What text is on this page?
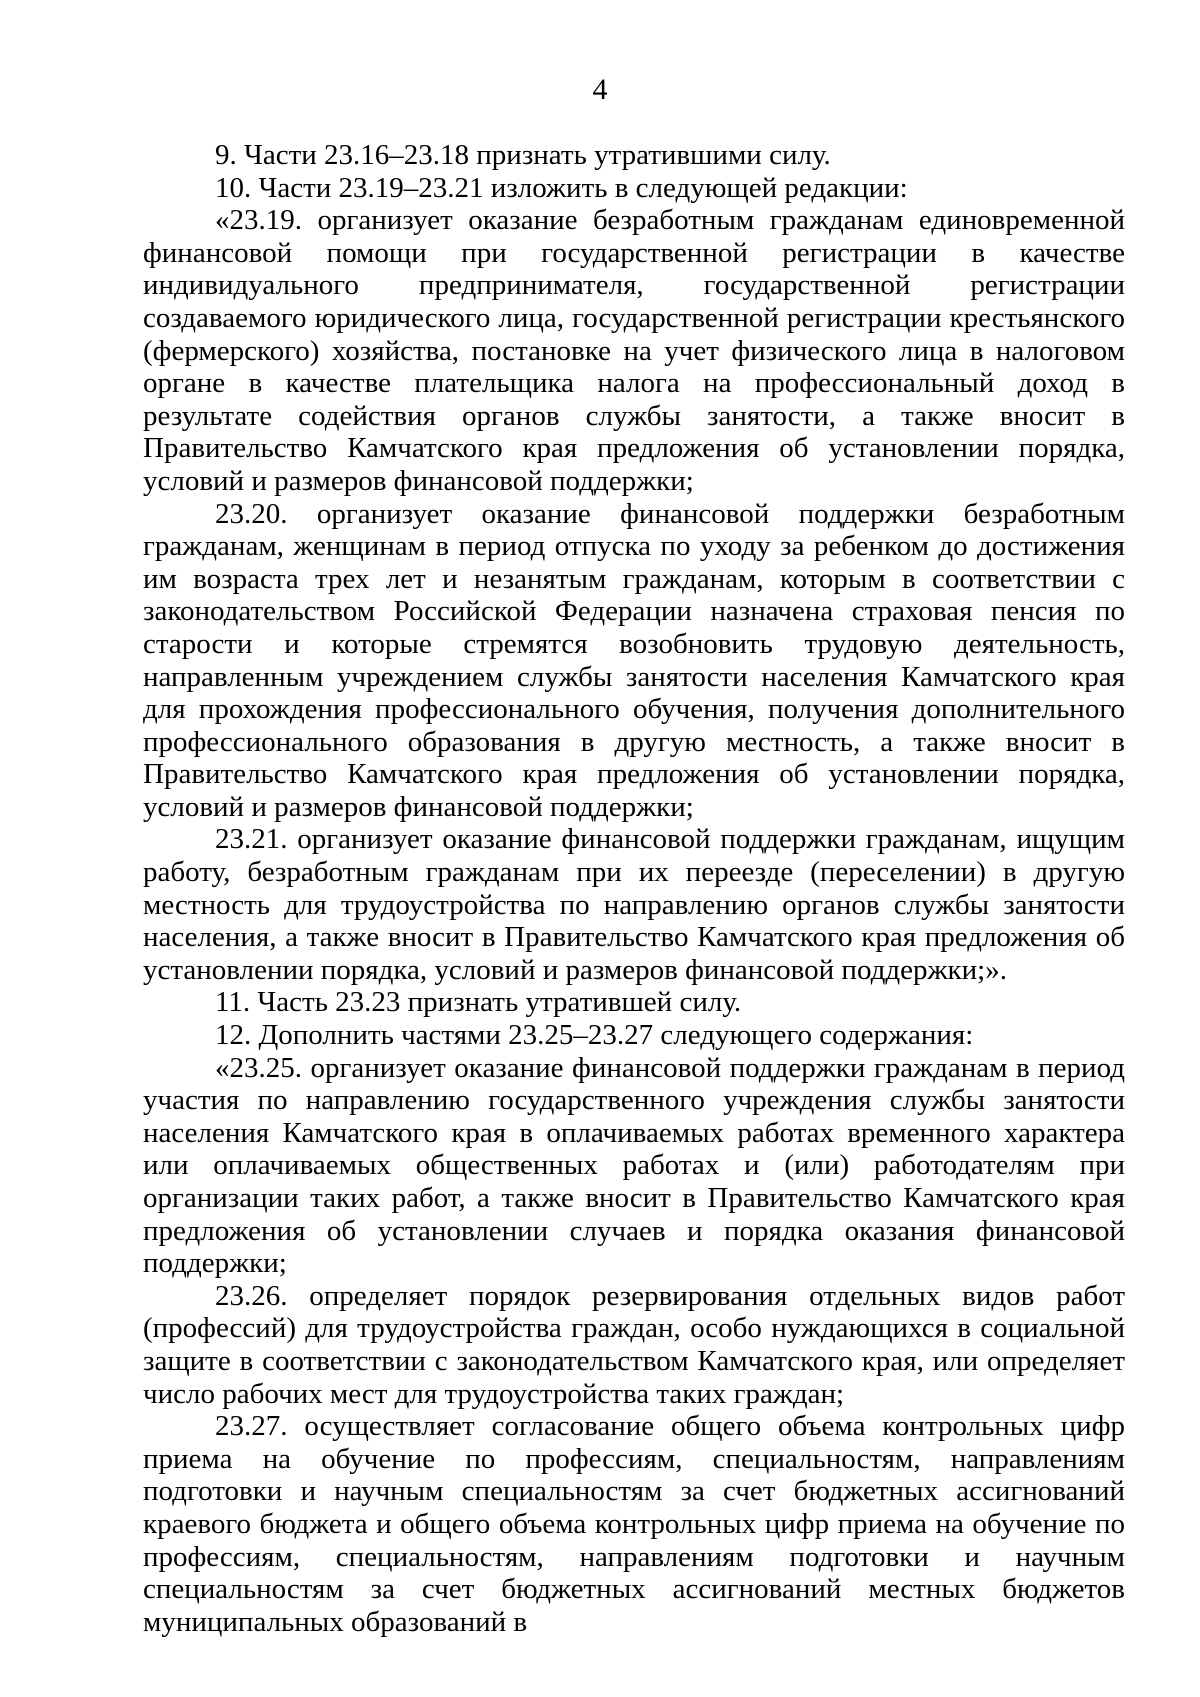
4

9. Части 23.16–23.18 признать утратившими силу.

10. Части 23.19–23.21 изложить в следующей редакции:

«23.19. организует оказание безработным гражданам единовременной финансовой помощи при государственной регистрации в качестве индивидуального предпринимателя, государственной регистрации создаваемого юридического лица, государственной регистрации крестьянского (фермерского) хозяйства, постановке на учет физического лица в налоговом органе в качестве плательщика налога на профессиональный доход в результате содействия органов службы занятости, а также вносит в Правительство Камчатского края предложения об установлении порядка, условий и размеров финансовой поддержки;

23.20. организует оказание финансовой поддержки безработным гражданам, женщинам в период отпуска по уходу за ребенком до достижения им возраста трех лет и незанятым гражданам, которым в соответствии с законодательством Российской Федерации назначена страховая пенсия по старости и которые стремятся возобновить трудовую деятельность, направленным учреждением службы занятости населения Камчатского края для прохождения профессионального обучения, получения дополнительного профессионального образования в другую местность, а также вносит в Правительство Камчатского края предложения об установлении порядка, условий и размеров финансовой поддержки;

23.21. организует оказание финансовой поддержки гражданам, ищущим работу, безработным гражданам при их переезде (переселении) в другую местность для трудоустройства по направлению органов службы занятости населения, а также вносит в Правительство Камчатского края предложения об установлении порядка, условий и размеров финансовой поддержки;».

11. Часть 23.23 признать утратившей силу.

12. Дополнить частями 23.25–23.27 следующего содержания:

«23.25. организует оказание финансовой поддержки гражданам в период участия по направлению государственного учреждения службы занятости населения Камчатского края в оплачиваемых работах временного характера или оплачиваемых общественных работах и (или) работодателям при организации таких работ, а также вносит в Правительство Камчатского края предложения об установлении случаев и порядка оказания финансовой поддержки;

23.26. определяет порядок резервирования отдельных видов работ (профессий) для трудоустройства граждан, особо нуждающихся в социальной защите в соответствии с законодательством Камчатского края, или определяет число рабочих мест для трудоустройства таких граждан;

23.27. осуществляет согласование общего объема контрольных цифр приема на обучение по профессиям, специальностям, направлениям подготовки и научным специальностям за счет бюджетных ассигнований краевого бюджета и общего объема контрольных цифр приема на обучение по профессиям, специальностям, направлениям подготовки и научным специальностям за счет бюджетных ассигнований местных бюджетов муниципальных образований в
